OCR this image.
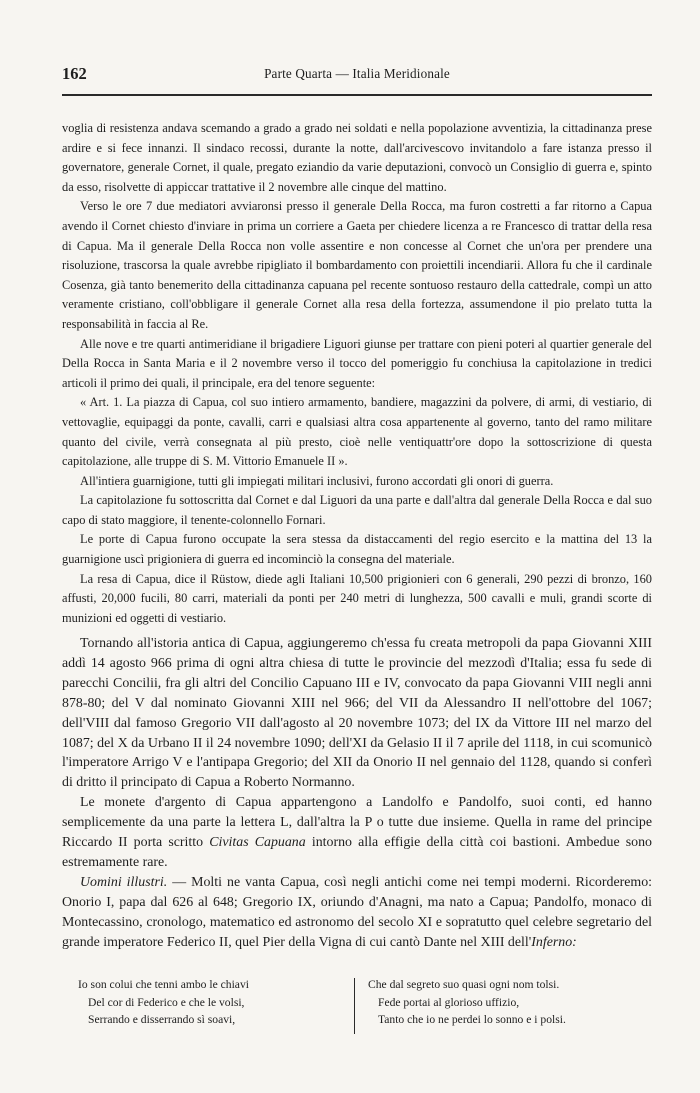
162	Parte Quarta — Italia Meridionale

voglia di resistenza andava scemando a grado a grado nei soldati e nella popolazione avventizia, la cittadinanza prese ardire e si fece innanzi. Il sindaco recossi, durante la notte, dall'arcivescovo invitandolo a fare istanza presso il governatore, generale Cornet, il quale, pregato eziandio da varie deputazioni, convocò un Consiglio di guerra e, spinto da esso, risolvette di appiccar trattative il 2 novembre alle cinque del mattino.

Verso le ore 7 due mediatori avviaronsi presso il generale Della Rocca, ma furon costretti a far ritorno a Capua avendo il Cornet chiesto d'inviare in prima un corriere a Gaeta per chiedere licenza a re Francesco di trattar della resa di Capua. Ma il generale Della Rocca non volle assentire e non concesse al Cornet che un'ora per prendere una risoluzione, trascorsa la quale avrebbe ripigliato il bombardamento con proiettili incendiarii. Allora fu che il cardinale Cosenza, già tanto benemerito della cittadinanza capuana pel recente sontuoso restauro della cattedrale, compì un atto veramente cristiano, coll'obbligare il generale Cornet alla resa della fortezza, assumendone il pio prelato tutta la responsabilità in faccia al Re.

Alle nove e tre quarti antimeridiane il brigadiere Liguori giunse per trattare con pieni poteri al quartier generale del Della Rocca in Santa Maria e il 2 novembre verso il tocco del pomeriggio fu conchiusa la capitolazione in tredici articoli il primo dei quali, il principale, era del tenore seguente:

« Art. 1. La piazza di Capua, col suo intiero armamento, bandiere, magazzini da polvere, di armi, di vestiario, di vettovaglie, equipaggi da ponte, cavalli, carri e qualsiasi altra cosa appartenente al governo, tanto del ramo militare quanto del civile, verrà consegnata al più presto, cioè nelle ventiquattr'ore dopo la sottoscrizione di questa capitolazione, alle truppe di S. M. Vittorio Emanuele II ».

All'intiera guarnigione, tutti gli impiegati militari inclusivi, furono accordati gli onori di guerra.

La capitolazione fu sottoscritta dal Cornet e dal Liguori da una parte e dall'altra dal generale Della Rocca e dal suo capo di stato maggiore, il tenente-colonnello Fornari.

Le porte di Capua furono occupate la sera stessa da distaccamenti del regio esercito e la mattina del 13 la guarnigione uscì prigioniera di guerra ed incominciò la consegna del materiale.

La resa di Capua, dice il Rüstow, diede agli Italiani 10,500 prigionieri con 6 generali, 290 pezzi di bronzo, 160 affusti, 20,000 fucili, 80 carri, materiali da ponti per 240 metri di lunghezza, 500 cavalli e muli, grandi scorte di munizioni ed oggetti di vestiario.

Tornando all'istoria antica di Capua, aggiungeremo ch'essa fu creata metropoli da papa Giovanni XIII addì 14 agosto 966 prima di ogni altra chiesa di tutte le provincie del mezzodì d'Italia; essa fu sede di parecchi Concilii, fra gli altri del Concilio Capuano III e IV, convocato da papa Giovanni VIII negli anni 878-80; del V dal nominato Giovanni XIII nel 966; del VII da Alessandro II nell'ottobre del 1067; dell'VIII dal famoso Gregorio VII dall'agosto al 20 novembre 1073; del IX da Vittore III nel marzo del 1087; del X da Urbano II il 24 novembre 1090; dell'XI da Gelasio II il 7 aprile del 1118, in cui scomunicò l'imperatore Arrigo V e l'antipapa Gregorio; del XII da Onorio II nel gennaio del 1128, quando si conferì di dritto il principato di Capua a Roberto Normanno.

Le monete d'argento di Capua appartengono a Landolfo e Pandolfo, suoi conti, ed hanno semplicemente da una parte la lettera L, dall'altra la P o tutte due insieme. Quella in rame del principe Riccardo II porta scritto Civitas Capuana intorno alla effigie della città coi bastioni. Ambedue sono estremamente rare.

Uomini illustri. — Molti ne vanta Capua, così negli antichi come nei tempi moderni. Ricorderemo: Onorio I, papa dal 626 al 648; Gregorio IX, oriundo d'Anagni, ma nato a Capua; Pandolfo, monaco di Montecassino, cronologo, matematico ed astronomo del secolo XI e sopratutto quel celebre segretario del grande imperatore Federico II, quel Pier della Vigna di cui cantò Dante nel XIII dell'Inferno:

Io son colui che tenni ambo le chiavi
Del cor di Federico e che le volsi,
Serrando e disserrando sì soavi,
Che dal segreto suo quasi ogni nom tolsi.
Fede portai al glorioso uffizio,
Tanto che io ne perdei lo sonno e i polsi.
